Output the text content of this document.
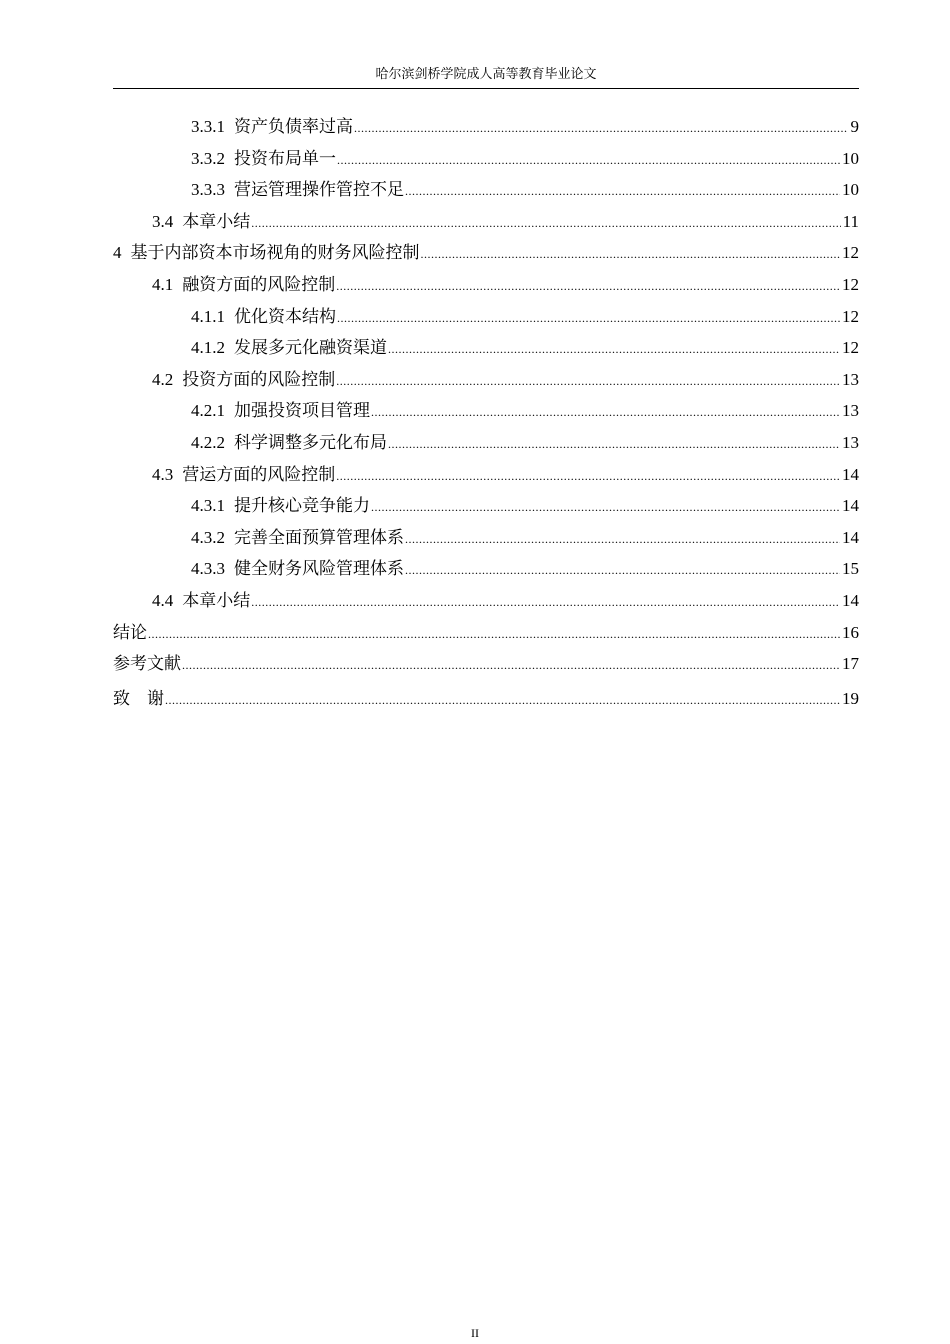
哈尔滨剑桥学院成人高等教育毕业论文
3.3.1 资产负债率过高 .....	9
3.3.2 投资布局单一 .....	10
3.3.3 营运管理操作管控不足 .....	10
3.4 本章小结 .....	11
4 基于内部资本市场视角的财务风险控制 .....	12
4.1 融资方面的风险控制 .....	12
4.1.1 优化资本结构 .....	12
4.1.2 发展多元化融资渠道 .....	12
4.2 投资方面的风险控制 .....	13
4.2.1 加强投资项目管理 .....	13
4.2.2 科学调整多元化布局 .....	13
4.3 营运方面的风险控制 .....	14
4.3.1 提升核心竞争能力 .....	14
4.3.2 完善全面预算管理体系 .....	14
4.3.3 健全财务风险管理体系 .....	15
4.4 本章小结 .....	14
结论 .....	16
参考文献 .....	17
致　谢 .....	19
II
